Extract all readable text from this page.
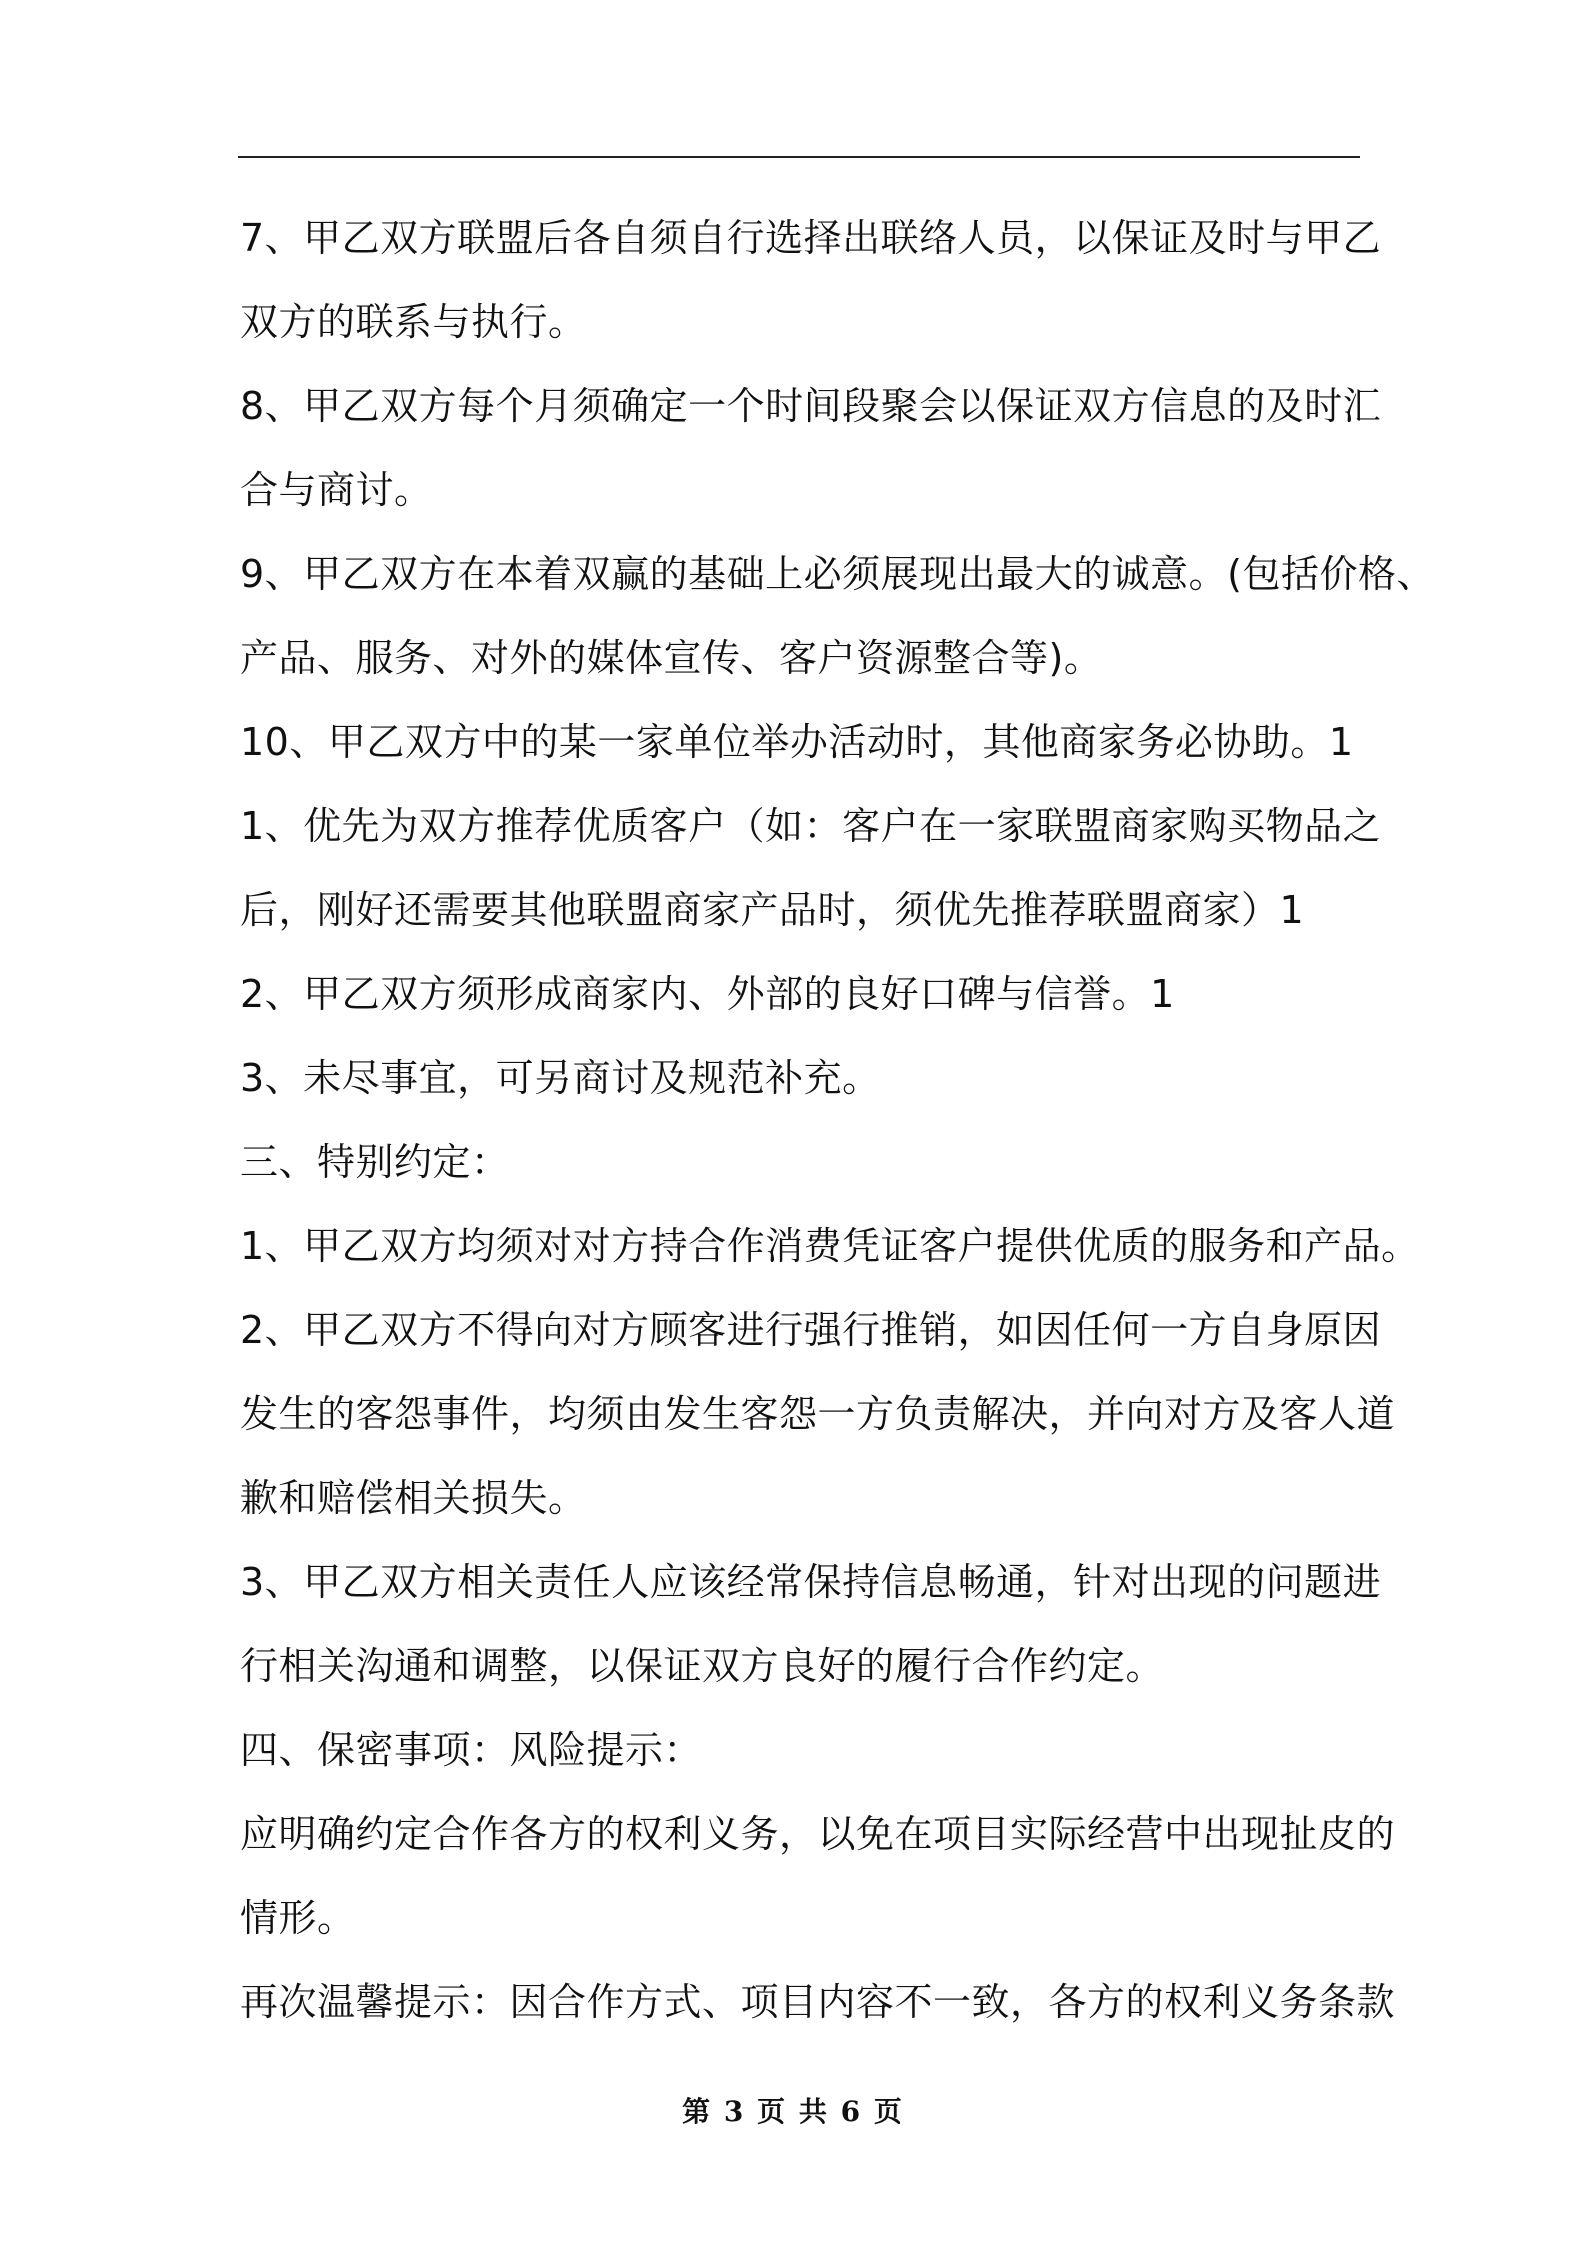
7、甲乙双方联盟后各自须自行选择出联络人员，以保证及时与甲乙

双方的联系与执行。

8、甲乙双方每个月须确定一个时间段聚会以保证双方信息的及时汇

合与商讨。

9、甲乙双方在本着双赢的基础上必须展现出最大的诚意。(包括价格、

产品、服务、对外的媒体宣传、客户资源整合等)。

10、甲乙双方中的某一家单位举办活动时，其他商家务必协助。1

1、优先为双方推荐优质客户（如：客户在一家联盟商家购买物品之

后，刚好还需要其他联盟商家产品时，须优先推荐联盟商家）1

2、甲乙双方须形成商家内、外部的良好口碑与信誉。1

3、未尽事宜，可另商讨及规范补充。

三、特别约定：

1、甲乙双方均须对对方持合作消费凭证客户提供优质的服务和产品。

2、甲乙双方不得向对方顾客进行强行推销，如因任何一方自身原因

发生的客怨事件，均须由发生客怨一方负责解决，并向对方及客人道

歉和赔偿相关损失。

3、甲乙双方相关责任人应该经常保持信息畅通，针对出现的问题进

行相关沟通和调整，以保证双方良好的履行合作约定。

四、保密事项：风险提示：

应明确约定合作各方的权利义务，以免在项目实际经营中出现扯皮的

情形。

再次温馨提示：因合作方式、项目内容不一致，各方的权利义务条款

第 3 页 共 6 页
